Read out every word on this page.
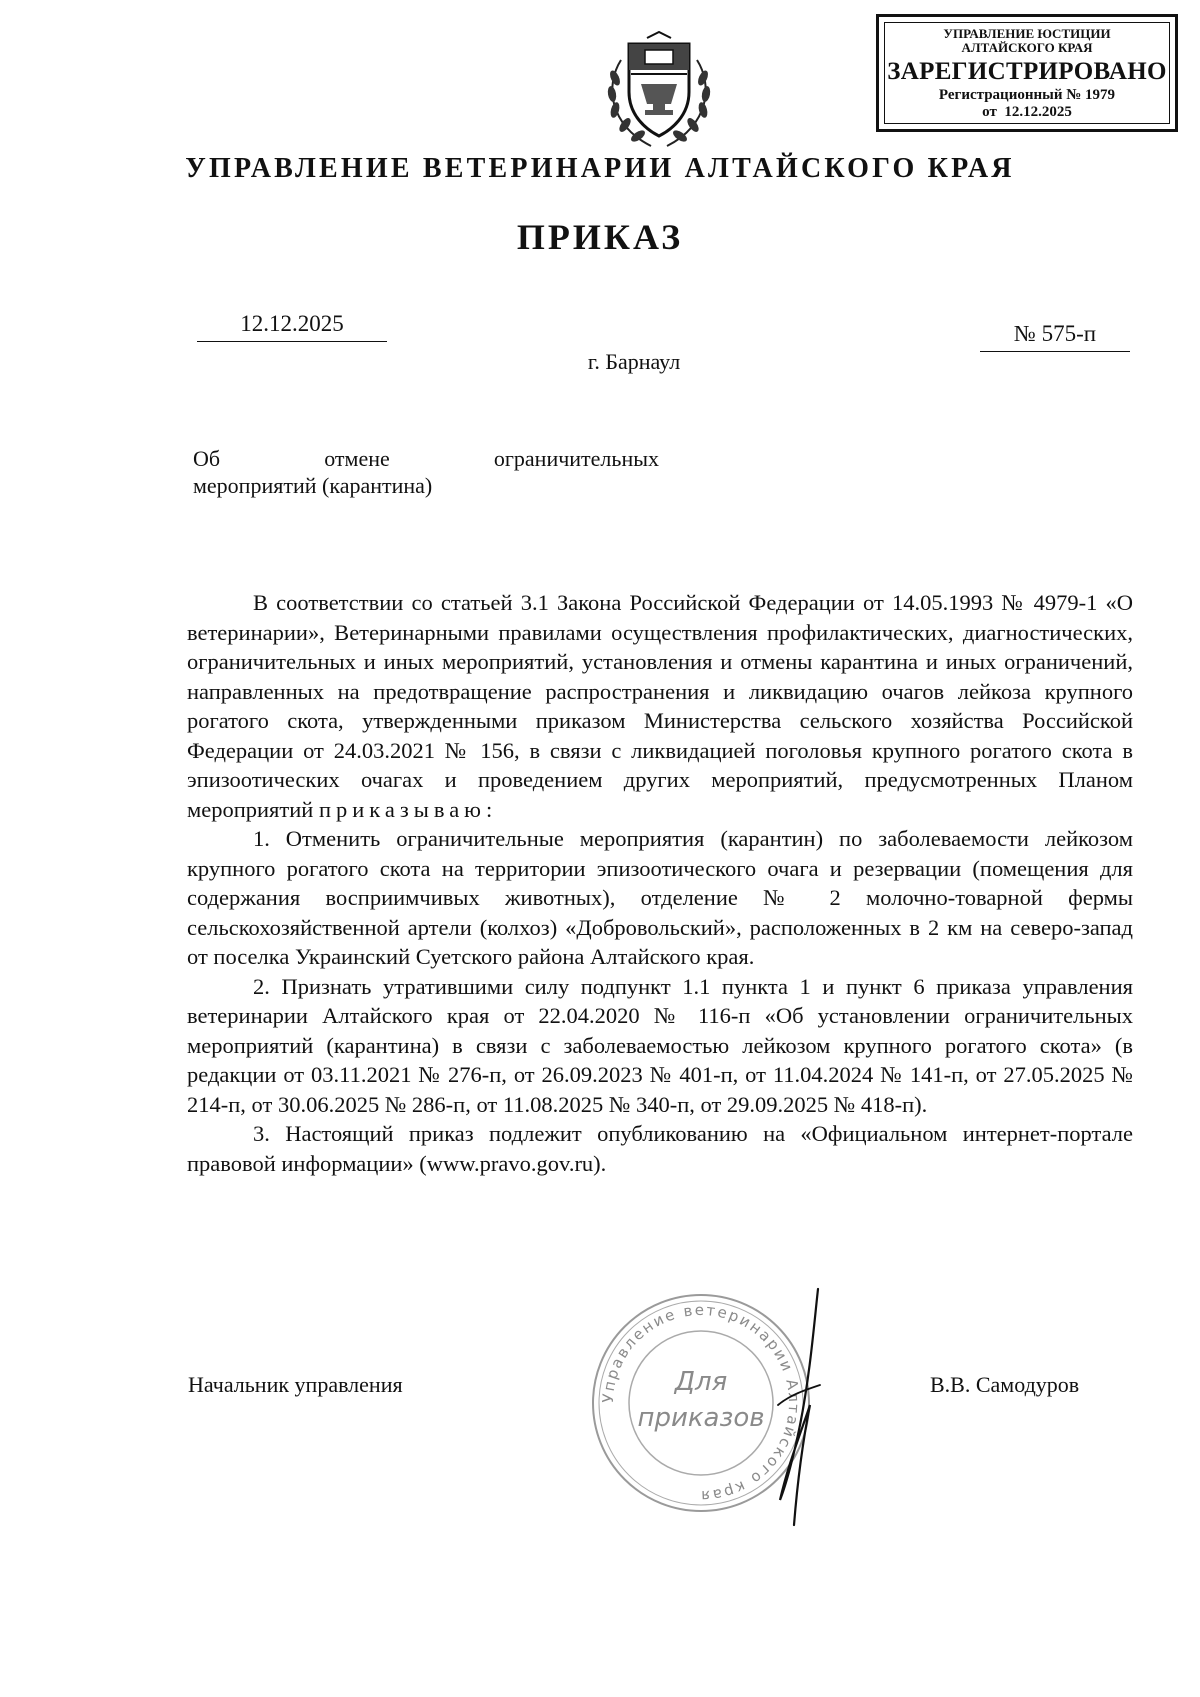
УПРАВЛЕНИЕ ЮСТИЦИИ АЛТАЙСКОГО КРАЯ
ЗАРЕГИСТРИРОВАНО
Регистрационный № 1979
от  12.12.2025
УПРАВЛЕНИЕ ВЕТЕРИНАРИИ АЛТАЙСКОГО КРАЯ
ПРИКАЗ
12.12.2025	№ 575-п
г. Барнаул
Об отмене ограничительных
мероприятий (карантина)

В соответствии со статьей 3.1 Закона Российской Федерации от 14.05.1993 № 4979-1 «О ветеринарии», Ветеринарными правилами осуществления профилактических, диагностических, ограничительных и иных мероприятий, установления и отмены карантина и иных ограничений, направленных на предотвращение распространения и ликвидацию очагов лейкоза крупного рогатого скота, утвержденными приказом Министерства сельского хозяйства Российской Федерации от 24.03.2021 № 156, в связи с ликвидацией поголовья крупного рогатого скота в эпизоотических очагах и проведением других мероприятий, предусмотренных Планом мероприятий приказываю:

1. Отменить ограничительные мероприятия (карантин) по заболеваемости лейкозом крупного рогатого скота на территории эпизоотического очага и резервации (помещения для содержания восприимчивых животных), отделение № 2 молочно-товарной фермы сельскохозяйственной артели (колхоз) «Добровольский», расположенных в 2 км на северо-запад от поселка Украинский Суетского района Алтайского края.

2. Признать утратившими силу подпункт 1.1 пункта 1 и пункт 6 приказа управления ветеринарии Алтайского края от 22.04.2020 № 116-п «Об установлении ограничительных мероприятий (карантина) в связи с заболеваемостью лейкозом крупного рогатого скота» (в редакции от 03.11.2021 № 276-п, от 26.09.2023 № 401-п, от 11.04.2024 № 141-п, от 27.05.2025 № 214-п, от 30.06.2025 № 286-п, от 11.08.2025 № 340-п, от 29.09.2025 № 418-п).

3. Настоящий приказ подлежит опубликованию на «Официальном интернет-портале правовой информации» (www.pravo.gov.ru).

Начальник управления	В.В. Самодуров
Управление ветеринарии Алтайского края
Для
приказов
